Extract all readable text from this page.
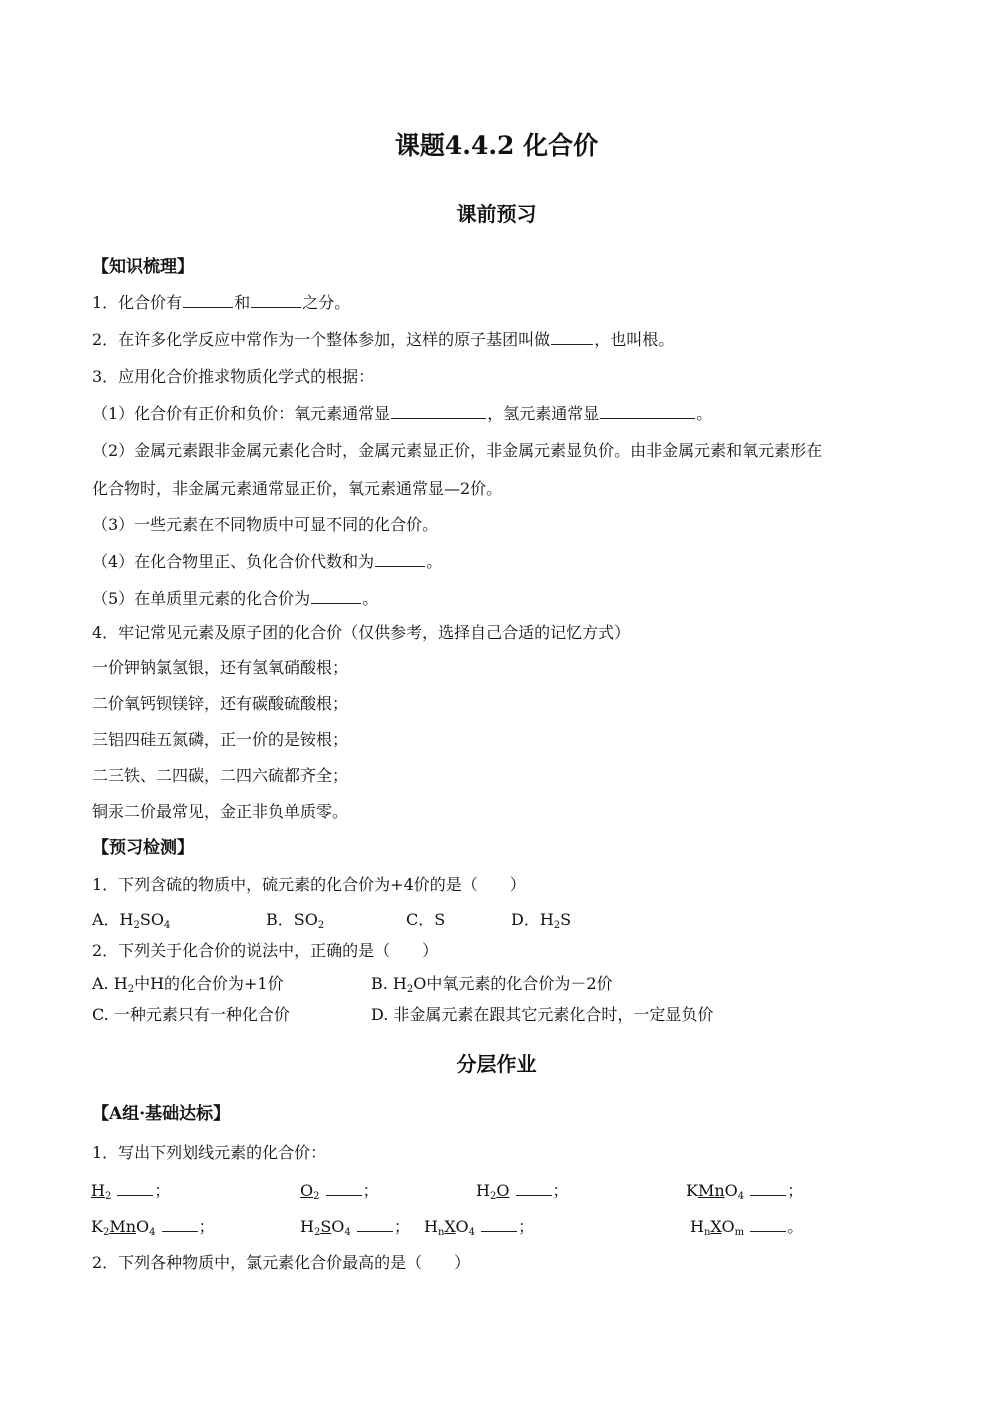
课题4.4.2 化合价
课前预习
【知识梳理】
1．化合价有	和	之分。
2．在许多化学反应中常作为一个整体参加，这样的原子基团叫做	，也叫根。
3．应用化合价推求物质化学式的根据：
（1）化合价有正价和负价：氧元素通常显	，氢元素通常显	。
（2）金属元素跟非金属元素化合时，金属元素显正价，非金属元素显负价。由非金属元素和氧元素形在
化合物时，非金属元素通常显正价，氧元素通常显—2价。
（3）一些元素在不同物质中可显不同的化合价。
（4）在化合物里正、负化合价代数和为	。
（5）在单质里元素的化合价为	。
4．牢记常见元素及原子团的化合价（仅供参考，选择自己合适的记忆方式）
一价钾钠氯氢银，还有氢氧硝酸根；
二价氧钙钡镁锌，还有碳酸硫酸根；
三铝四硅五氮磷，正一价的是铵根；
二三铁、二四碳，二四六硫都齐全；
铜汞二价最常见，金正非负单质零。
【预习检测】
1．下列含硫的物质中，硫元素的化合价为+4价的是（　　）
A．$H_2SO_4$	B．$SO_2$	C．S	D．$H_2S$
2．下列关于化合价的说法中，正确的是（　　）
A. $H_2$中H的化合价为+1价	B. $H_2O$中氧元素的化合价为－2价
C. 一种元素只有一种化合价	D. 非金属元素在跟其它元素化合时，一定显负价
分层作业
【A组·基础达标】
1．写出下列划线元素的化合价：
$H_2$	；	$O_2$	；	$H_2O$	；	KMnO$_4$	；
$K_2MnO_4$	；	$H_2SO_4$	； $H_nXO_4$	；	$H_nXO_m$	。
2．下列各种物质中，氯元素化合价最高的是（　　）
